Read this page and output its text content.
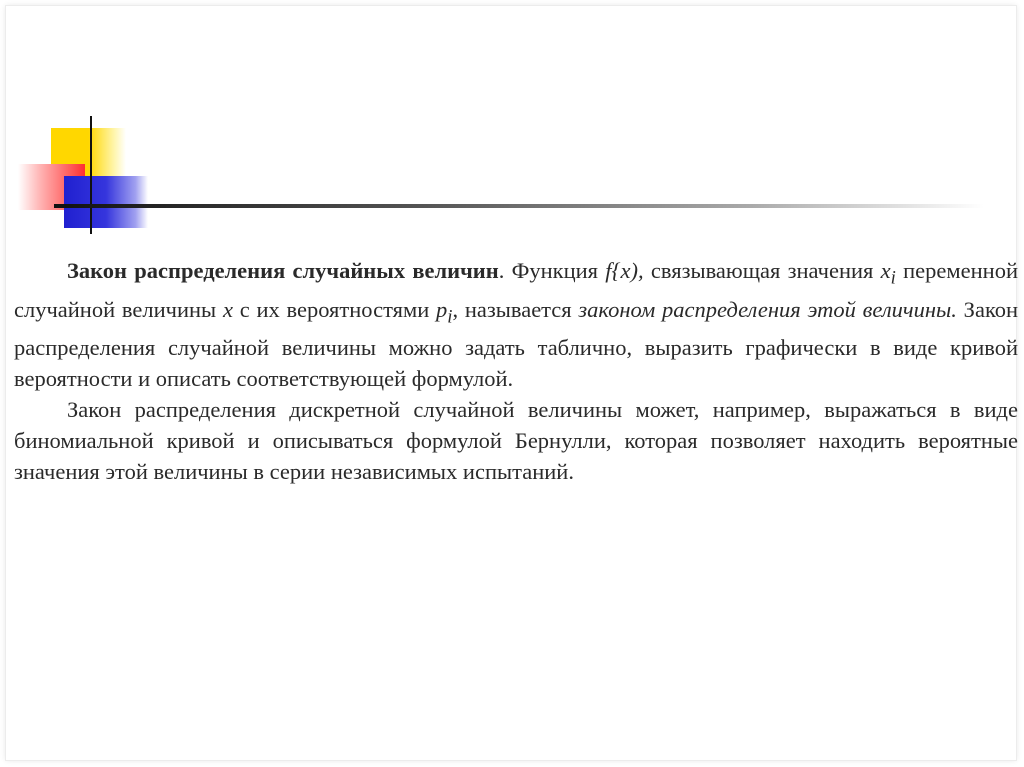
Закон распределения случайных величин. Функция f{x), связывающая значения $x_i$ переменной случайной величины x с их вероятностями $p_i$, называется законом распределения этой величины. Закон распределения случайной величины можно задать таблично, выразить графически в виде кривой вероятности и описать соответствующей формулой.

Закон распределения дискретной случайной величины может, например, выражаться в виде биномиальной кривой и описываться формулой Бернулли, которая позволяет находить вероятные значения этой величины в серии независимых испытаний.
